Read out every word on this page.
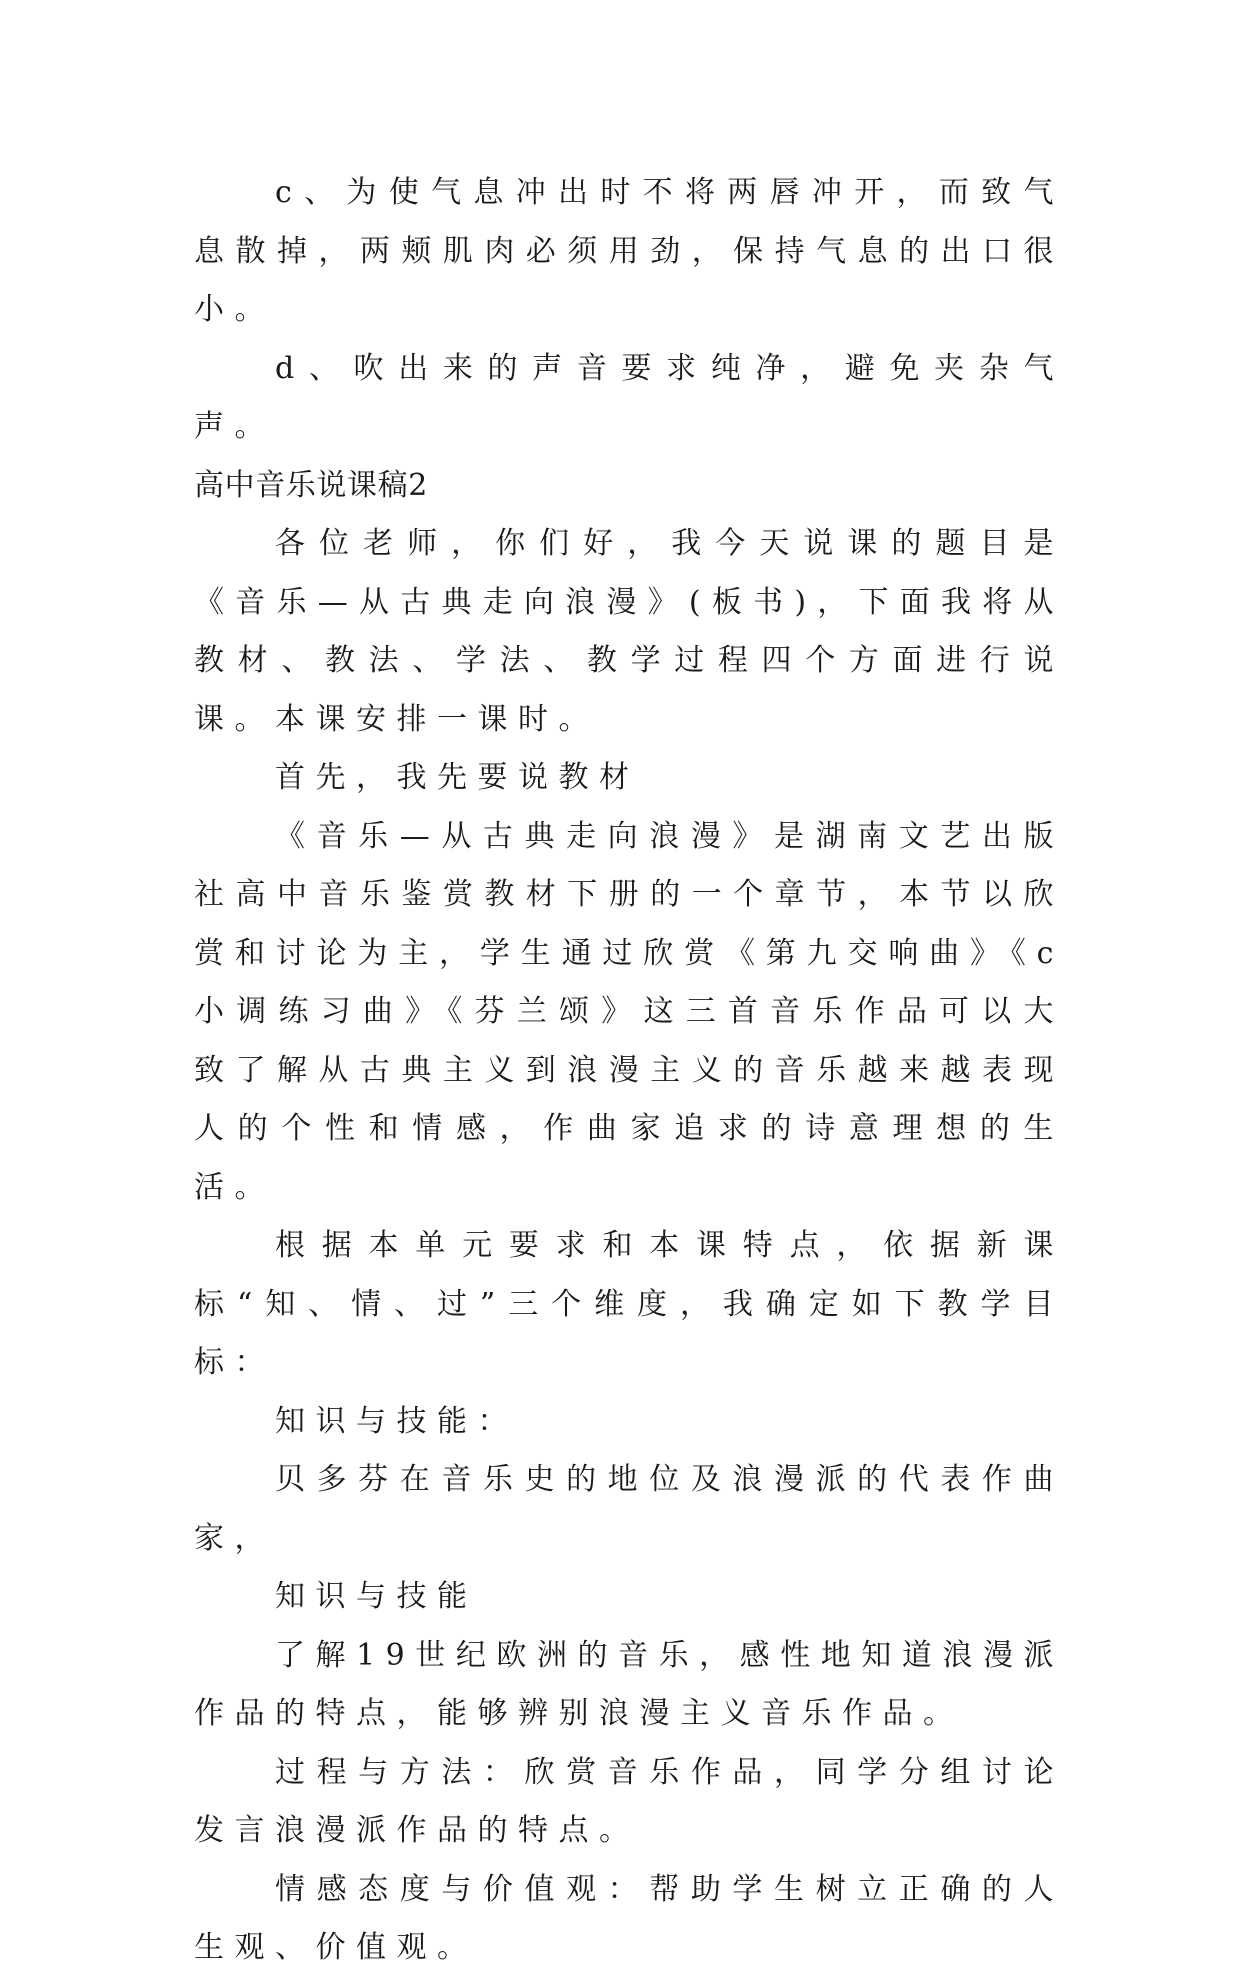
c、为使气息冲出时不将两唇冲开，而致气息散掉，两颊肌肉必须用劲，保持气息的出口很小。

d、吹出来的声音要求纯净，避免夹杂气声。

高中音乐说课稿2

各位老师，你们好，我今天说课的题目是《音乐—从古典走向浪漫》(板书)，下面我将从教材、教法、学法、教学过程四个方面进行说课。本课安排一课时。

首先，我先要说教材

《音乐—从古典走向浪漫》是湖南文艺出版社高中音乐鉴赏教材下册的一个章节，本节以欣赏和讨论为主，学生通过欣赏《第九交响曲》《c小调练习曲》《芬兰颂》这三首音乐作品可以大致了解从古典主义到浪漫主义的音乐越来越表现人的个性和情感，作曲家追求的诗意理想的生活。

根据本单元要求和本课特点，依据新课标“知、情、过”三个维度，我确定如下教学目标：

知识与技能：

贝多芬在音乐史的地位及浪漫派的代表作曲家，

知识与技能

了解19世纪欧洲的音乐，感性地知道浪漫派作品的特点，能够辨别浪漫主义音乐作品。

过程与方法：欣赏音乐作品，同学分组讨论发言浪漫派作品的特点。

情感态度与价值观：帮助学生树立正确的人生观、价值观。
